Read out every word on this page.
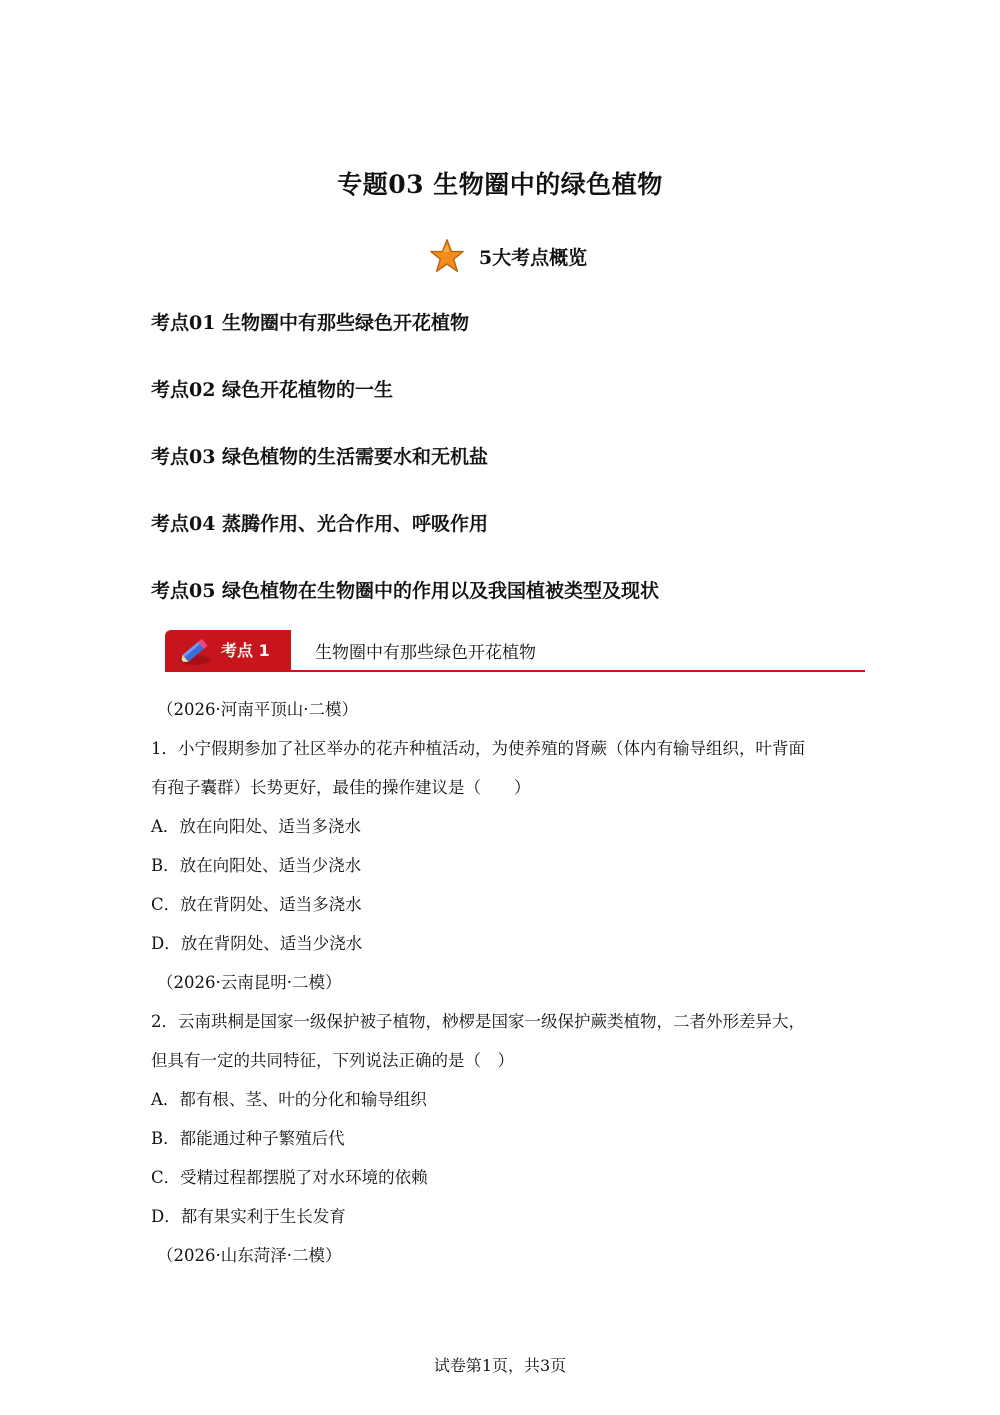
专题03 生物圈中的绿色植物
5大考点概览
考点01 生物圈中有那些绿色开花植物
考点02 绿色开花植物的一生
考点03 绿色植物的生活需要水和无机盐
考点04 蒸腾作用、光合作用、呼吸作用
考点05 绿色植物在生物圈中的作用以及我国植被类型及现状
考点 1	生物圈中有那些绿色开花植物
（2026·河南平顶山·二模）
1．小宁假期参加了社区举办的花卉种植活动，为使养殖的肾蕨（体内有输导组织，叶背面
有孢子囊群）长势更好，最佳的操作建议是（　　）
A．放在向阳处、适当多浇水
B．放在向阳处、适当少浇水
C．放在背阴处、适当多浇水
D．放在背阴处、适当少浇水
（2026·云南昆明·二模）
2．云南珙桐是国家一级保护被子植物，桫椤是国家一级保护蕨类植物，二者外形差异大，
但具有一定的共同特征，下列说法正确的是（　）
A．都有根、茎、叶的分化和输导组织
B．都能通过种子繁殖后代
C．受精过程都摆脱了对水环境的依赖
D．都有果实利于生长发育
（2026·山东菏泽·二模）
试卷第1页，共3页
